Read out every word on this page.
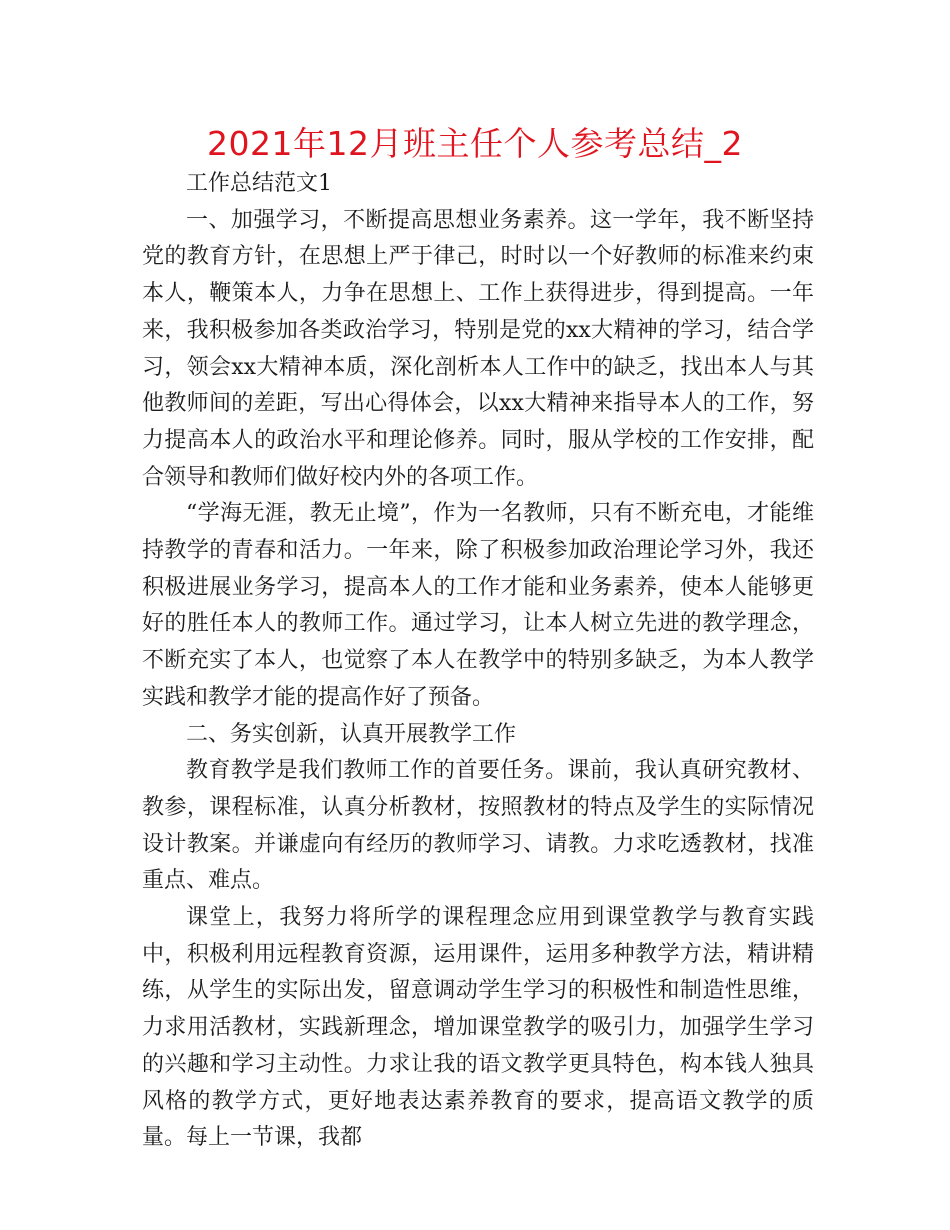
2021年12月班主任个人参考总结_2

工作总结范文1

一、加强学习，不断提高思想业务素养。这一学年，我不断坚持党的教育方针，在思想上严于律己，时时以一个好教师的标准来约束本人，鞭策本人，力争在思想上、工作上获得进步，得到提高。一年来，我积极参加各类政治学习，特别是党的xx大精神的学习，结合学习，领会xx大精神本质，深化剖析本人工作中的缺乏，找出本人与其他教师间的差距，写出心得体会，以xx大精神来指导本人的工作，努力提高本人的政治水平和理论修养。同时，服从学校的工作安排，配合领导和教师们做好校内外的各项工作。

“学海无涯，教无止境”，作为一名教师，只有不断充电，才能维持教学的青春和活力。一年来，除了积极参加政治理论学习外，我还积极进展业务学习，提高本人的工作才能和业务素养，使本人能够更好的胜任本人的教师工作。通过学习，让本人树立先进的教学理念，不断充实了本人，也觉察了本人在教学中的特别多缺乏，为本人教学实践和教学才能的提高作好了预备。

二、务实创新，认真开展教学工作

教育教学是我们教师工作的首要任务。课前，我认真研究教材、教参，课程标准，认真分析教材，按照教材的特点及学生的实际情况设计教案。并谦虚向有经历的教师学习、请教。力求吃透教材，找准重点、难点。

课堂上，我努力将所学的课程理念应用到课堂教学与教育实践中，积极利用远程教育资源，运用课件，运用多种教学方法，精讲精练，从学生的实际出发，留意调动学生学习的积极性和制造性思维，力求用活教材，实践新理念，增加课堂教学的吸引力，加强学生学习的兴趣和学习主动性。力求让我的语文教学更具特色，构本钱人独具风格的教学方式，更好地表达素养教育的要求，提高语文教学的质量。每上一节课，我都
